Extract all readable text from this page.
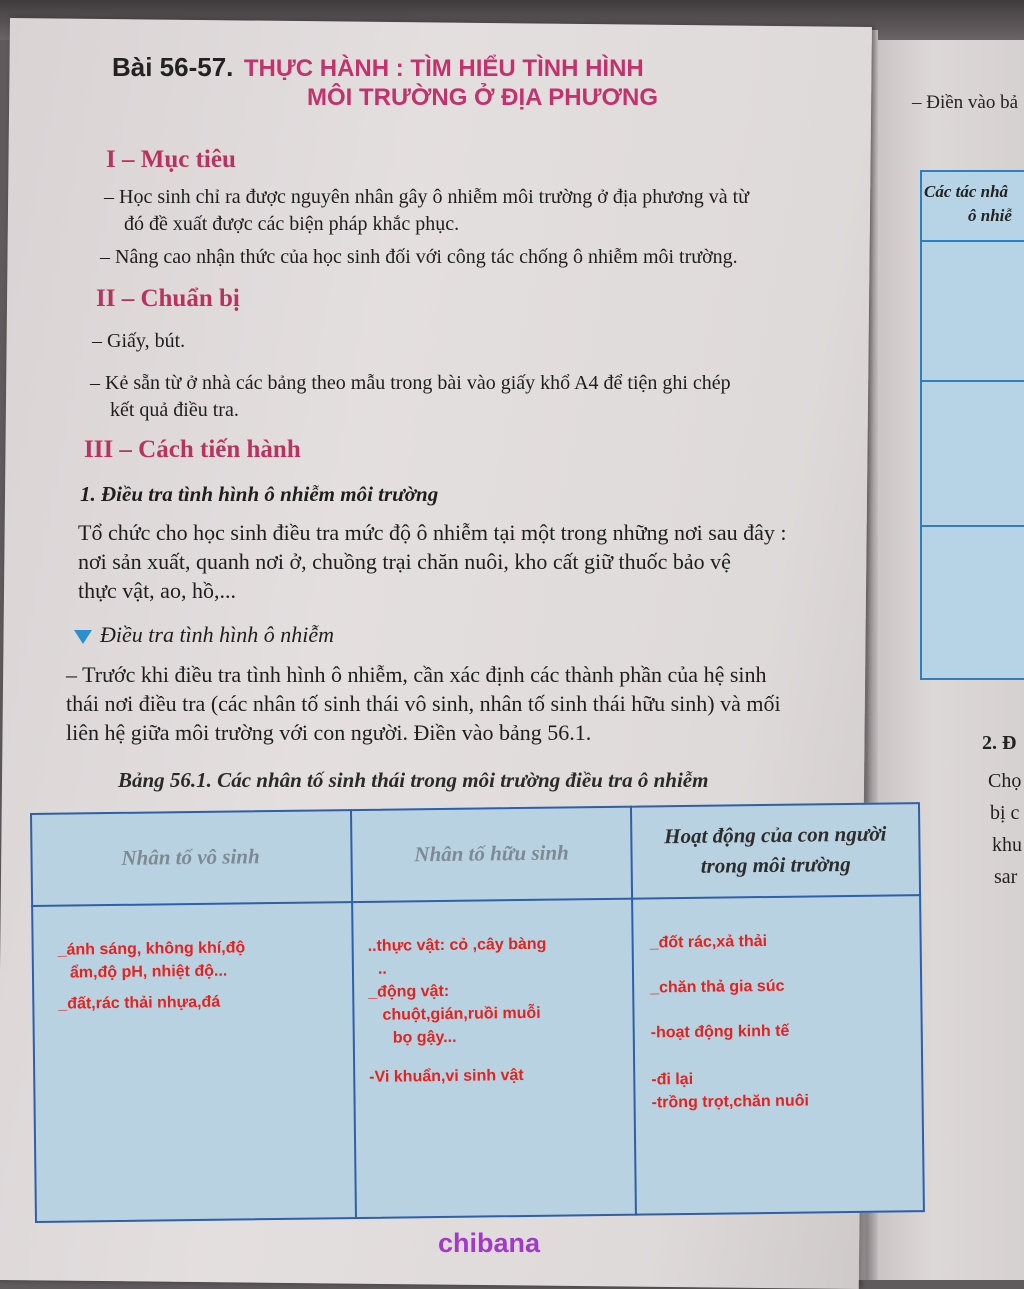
– Điền vào bả
Các tác nhâ
ô nhiễ
2. Đ
Chọ
bị c
khu
sar
Bài 56-57. THỰC HÀNH : TÌM HIỂU TÌNH HÌNH
MÔI TRƯỜNG Ở ĐỊA PHƯƠNG
I – Mục tiêu
– Học sinh chỉ ra được nguyên nhân gây ô nhiễm môi trường ở địa phương và từ
đó đề xuất được các biện pháp khắc phục.
– Nâng cao nhận thức của học sinh đối với công tác chống ô nhiễm môi trường.
II – Chuẩn bị
– Giấy, bút.
– Kẻ sẵn từ ở nhà các bảng theo mẫu trong bài vào giấy khổ A4 để tiện ghi chép
kết quả điều tra.
III – Cách tiến hành
1. Điều tra tình hình ô nhiễm môi trường
Tổ chức cho học sinh điều tra mức độ ô nhiễm tại một trong những nơi sau đây :
nơi sản xuất, quanh nơi ở, chuồng trại chăn nuôi, kho cất giữ thuốc bảo vệ
thực vật, ao, hồ,...
Điều tra tình hình ô nhiễm
– Trước khi điều tra tình hình ô nhiễm, cần xác định các thành phần của hệ sinh
thái nơi điều tra (các nhân tố sinh thái vô sinh, nhân tố sinh thái hữu sinh) và mối
liên hệ giữa môi trường với con người. Điền vào bảng 56.1.
Bảng 56.1. Các nhân tố sinh thái trong môi trường điều tra ô nhiễm
Nhân tố vô sinh	Nhân tố hữu sinh
Hoạt động của con người trong môi trường
_ánh sáng, không khí,độ
ẩm,độ pH, nhiệt độ...
_đất,rác thải nhựa,đá
..thực vật: cỏ ,cây bàng
..
_động vật:
chuột,gián,ruồi muỗi
bọ gậy...
-Vi khuẩn,vi sinh vật
_đốt rác,xả thải
_chăn thả gia súc
-hoạt động kinh tế
-đi lại
-trồng trọt,chăn nuôi
chibana
